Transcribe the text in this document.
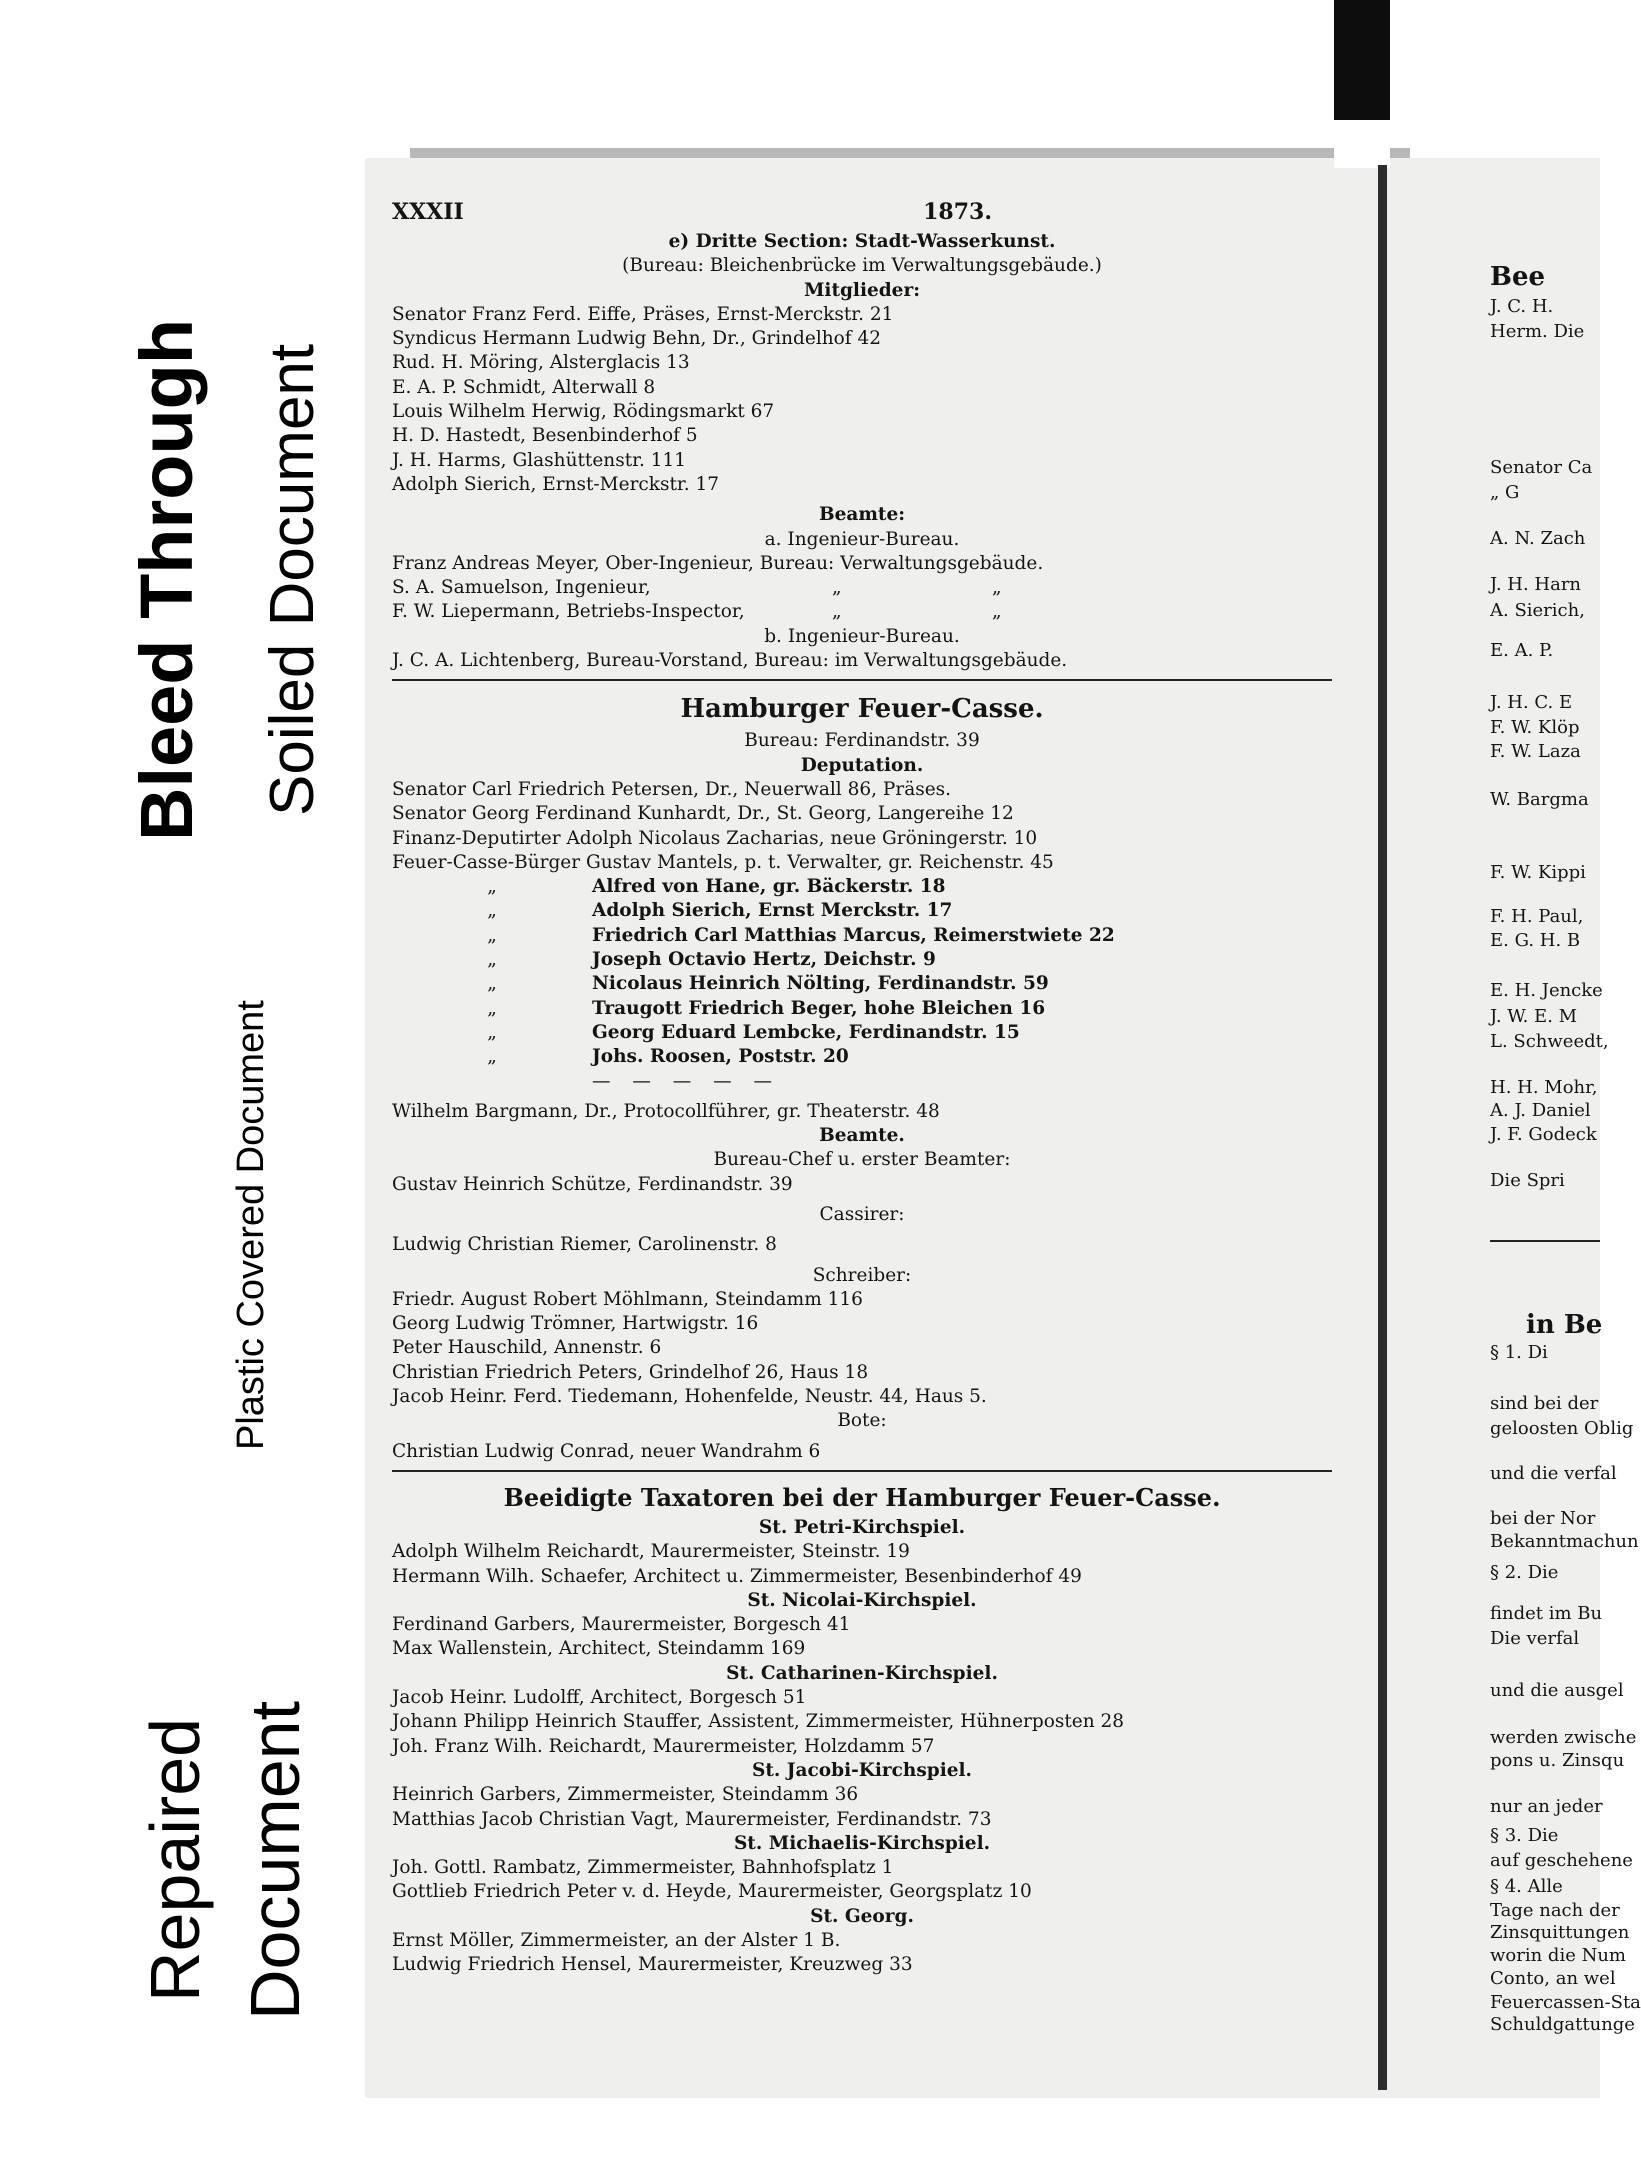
Bleed Through Soiled Document
Plastic Covered Document
Repaired Document
XXXII	1873.
e) Dritte Section: Stadt-Wasserkunst.
(Bureau: Bleichenbrücke im Verwaltungsgebäude.)
Mitglieder:
Senator Franz Ferd. Eiffe, Präses, Ernst-Merckstr. 21
Syndicus Hermann Ludwig Behn, Dr., Grindelhof 42
Rud. H. Möring, Alsterglacis 13
E. A. P. Schmidt, Alterwall 8
Louis Wilhelm Herwig, Rödingsmarkt 67
H. D. Hastedt, Besenbinderhof 5
J. H. Harms, Glashüttenstr. 111
Adolph Sierich, Ernst-Merckstr. 17
Beamte:
a. Ingenieur-Bureau.
Franz Andreas Meyer, Ober-Ingenieur, Bureau: Verwaltungsgebäude.
S. A. Samuelson, Ingenieur,	„	„
F. W. Liepermann, Betriebs-Inspector,	„	„
b. Ingenieur-Bureau.
J. C. A. Lichtenberg, Bureau-Vorstand, Bureau: im Verwaltungsgebäude.
Hamburger Feuer-Casse.
Bureau: Ferdinandstr. 39
Deputation.
Senator Carl Friedrich Petersen, Dr., Neuerwall 86, Präses.
Senator Georg Ferdinand Kunhardt, Dr., St. Georg, Langereihe 12
Finanz-Deputirter Adolph Nicolaus Zacharias, neue Gröningerstr. 10
Feuer-Casse-Bürger Gustav Mantels, p. t. Verwalter, gr. Reichenstr. 45
„	Alfred von Hane, gr. Bäckerstr. 18
„	Adolph Sierich, Ernst Merckstr. 17
„	Friedrich Carl Matthias Marcus, Reimerstwiete 22
„	Joseph Octavio Hertz, Deichstr. 9
„	Nicolaus Heinrich Nölting, Ferdinandstr. 59
„	Traugott Friedrich Beger, hohe Bleichen 16
„	Georg Eduard Lembcke, Ferdinandstr. 15
„	Johs. Roosen, Poststr. 20
— — — — —
Wilhelm Bargmann, Dr., Protocollführer, gr. Theaterstr. 48
Beamte.
Bureau-Chef u. erster Beamter:
Gustav Heinrich Schütze, Ferdinandstr. 39
Cassirer:
Ludwig Christian Riemer, Carolinenstr. 8
Schreiber:
Friedr. August Robert Möhlmann, Steindamm 116
Georg Ludwig Trömner, Hartwigstr. 16
Peter Hauschild, Annenstr. 6
Christian Friedrich Peters, Grindelhof 26, Haus 18
Jacob Heinr. Ferd. Tiedemann, Hohenfelde, Neustr. 44, Haus 5.
Bote:
Christian Ludwig Conrad, neuer Wandrahm 6
Beeidigte Taxatoren bei der Hamburger Feuer-Casse.
St. Petri-Kirchspiel.
Adolph Wilhelm Reichardt, Maurermeister, Steinstr. 19
Hermann Wilh. Schaefer, Architect u. Zimmermeister, Besenbinderhof 49
St. Nicolai-Kirchspiel.
Ferdinand Garbers, Maurermeister, Borgesch 41
Max Wallenstein, Architect, Steindamm 169
St. Catharinen-Kirchspiel.
Jacob Heinr. Ludolff, Architect, Borgesch 51
Johann Philipp Heinrich Stauffer, Assistent, Zimmermeister, Hühnerposten 28
Joh. Franz Wilh. Reichardt, Maurermeister, Holzdamm 57
St. Jacobi-Kirchspiel.
Heinrich Garbers, Zimmermeister, Steindamm 36
Matthias Jacob Christian Vagt, Maurermeister, Ferdinandstr. 73
St. Michaelis-Kirchspiel.
Joh. Gottl. Rambatz, Zimmermeister, Bahnhofsplatz 1
Gottlieb Friedrich Peter v. d. Heyde, Maurermeister, Georgsplatz 10
St. Georg.
Ernst Möller, Zimmermeister, an der Alster 1 B.
Ludwig Friedrich Hensel, Maurermeister, Kreuzweg 33
Bee
J. C. H.
Herm. Die
Senator Ca
„ G
A. N. Zach
J. H. Harn
A. Sierich,
E. A. P.
J. H. C. E
F. W. Klöp
F. W. Laza
W. Bargma
F. W. Kippi
F. H. Paul,
E. G. H. B
E. H. Jencke
J. W. E. M
L. Schweedt,
H. H. Mohr,
A. J. Daniel
J. F. Godeck
Die Spri
in Be
§ 1. Di
sind bei der
geloosten Oblig
und die verfal
bei der Nor
Bekanntmachun
§ 2. Die
findet im Bu
Die verfal
und die ausgel
werden zwische
pons u. Zinsqu
nur an jeder
§ 3. Die
auf geschehene
§ 4. Alle
Tage nach der
Zinsquittungen
worin die Num
Conto, an wel
Feuercassen-Sta
Schuldgattunge
